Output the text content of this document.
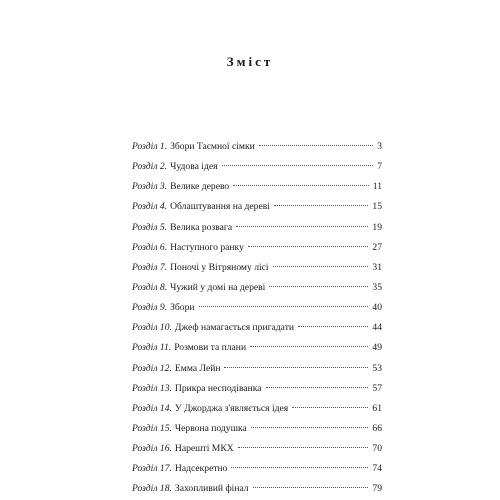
Зміст
Розділ 1. Збори Таємної сімки	3
Розділ 2. Чудова ідея	7
Розділ 3. Велике дерево	11
Розділ 4. Облаштування на дереві	15
Розділ 5. Велика розвага	19
Розділ 6. Наступного ранку	27
Розділ 7. Поночі у Вітряному лісі	31
Розділ 8. Чужий у домі на дереві	35
Розділ 9. Збори	40
Розділ 10. Джеф намагається пригадати	44
Розділ 11. Розмови та плани	49
Розділ 12. Емма Лейн	53
Розділ 13. Прикра несподіванка	57
Розділ 14. У Джорджа з'являється ідея	61
Розділ 15. Червона подушка	66
Розділ 16. Нарешті МКХ	70
Розділ 17. Надсекретно	74
Розділ 18. Захопливий фінал	79
